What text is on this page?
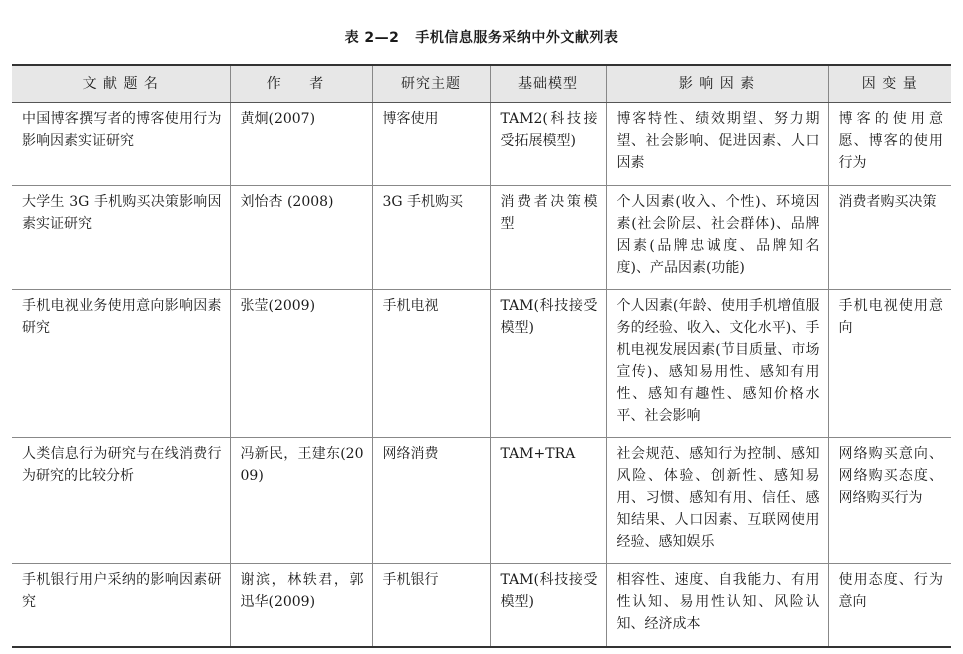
表 2—2 手机信息服务采纳中外文献列表
文 献 题 名	作 者	研究主题	基础模型	影 响 因 素	因 变 量
中国博客撰写者的博客使用行为影响因素实证研究	黄炯(2007)	博客使用	TAM2(科技接受拓展模型)	博客特性、绩效期望、努力期望、社会影响、促进因素、人口因素	博客的使用意愿、博客的使用行为
大学生 3G 手机购买决策影响因素实证研究	刘怡杏 (2008)	3G 手机购买	消费者决策模型	个人因素(收入、个性)、环境因素(社会阶层、社会群体)、品牌因素(品牌忠诚度、品牌知名度)、产品因素(功能)	消费者购买决策
手机电视业务使用意向影响因素研究	张莹(2009)	手机电视	TAM(科技接受模型)	个人因素(年龄、使用手机增值服务的经验、收入、文化水平)、手机电视发展因素(节目质量、市场宣传)、感知易用性、感知有用性、感知有趣性、感知价格水平、社会影响	手机电视使用意向
人类信息行为研究与在线消费行为研究的比较分析	冯新民，王建东(2009)	网络消费	TAM+TRA	社会规范、感知行为控制、感知风险、体验、创新性、感知易用、习惯、感知有用、信任、感知结果、人口因素、互联网使用经验、感知娱乐	网络购买意向、网络购买态度、网络购买行为
手机银行用户采纳的影响因素研究	谢滨，林轶君，郭迅华(2009)	手机银行	TAM(科技接受模型)	相容性、速度、自我能力、有用性认知、易用性认知、风险认知、经济成本	使用态度、行为意向
